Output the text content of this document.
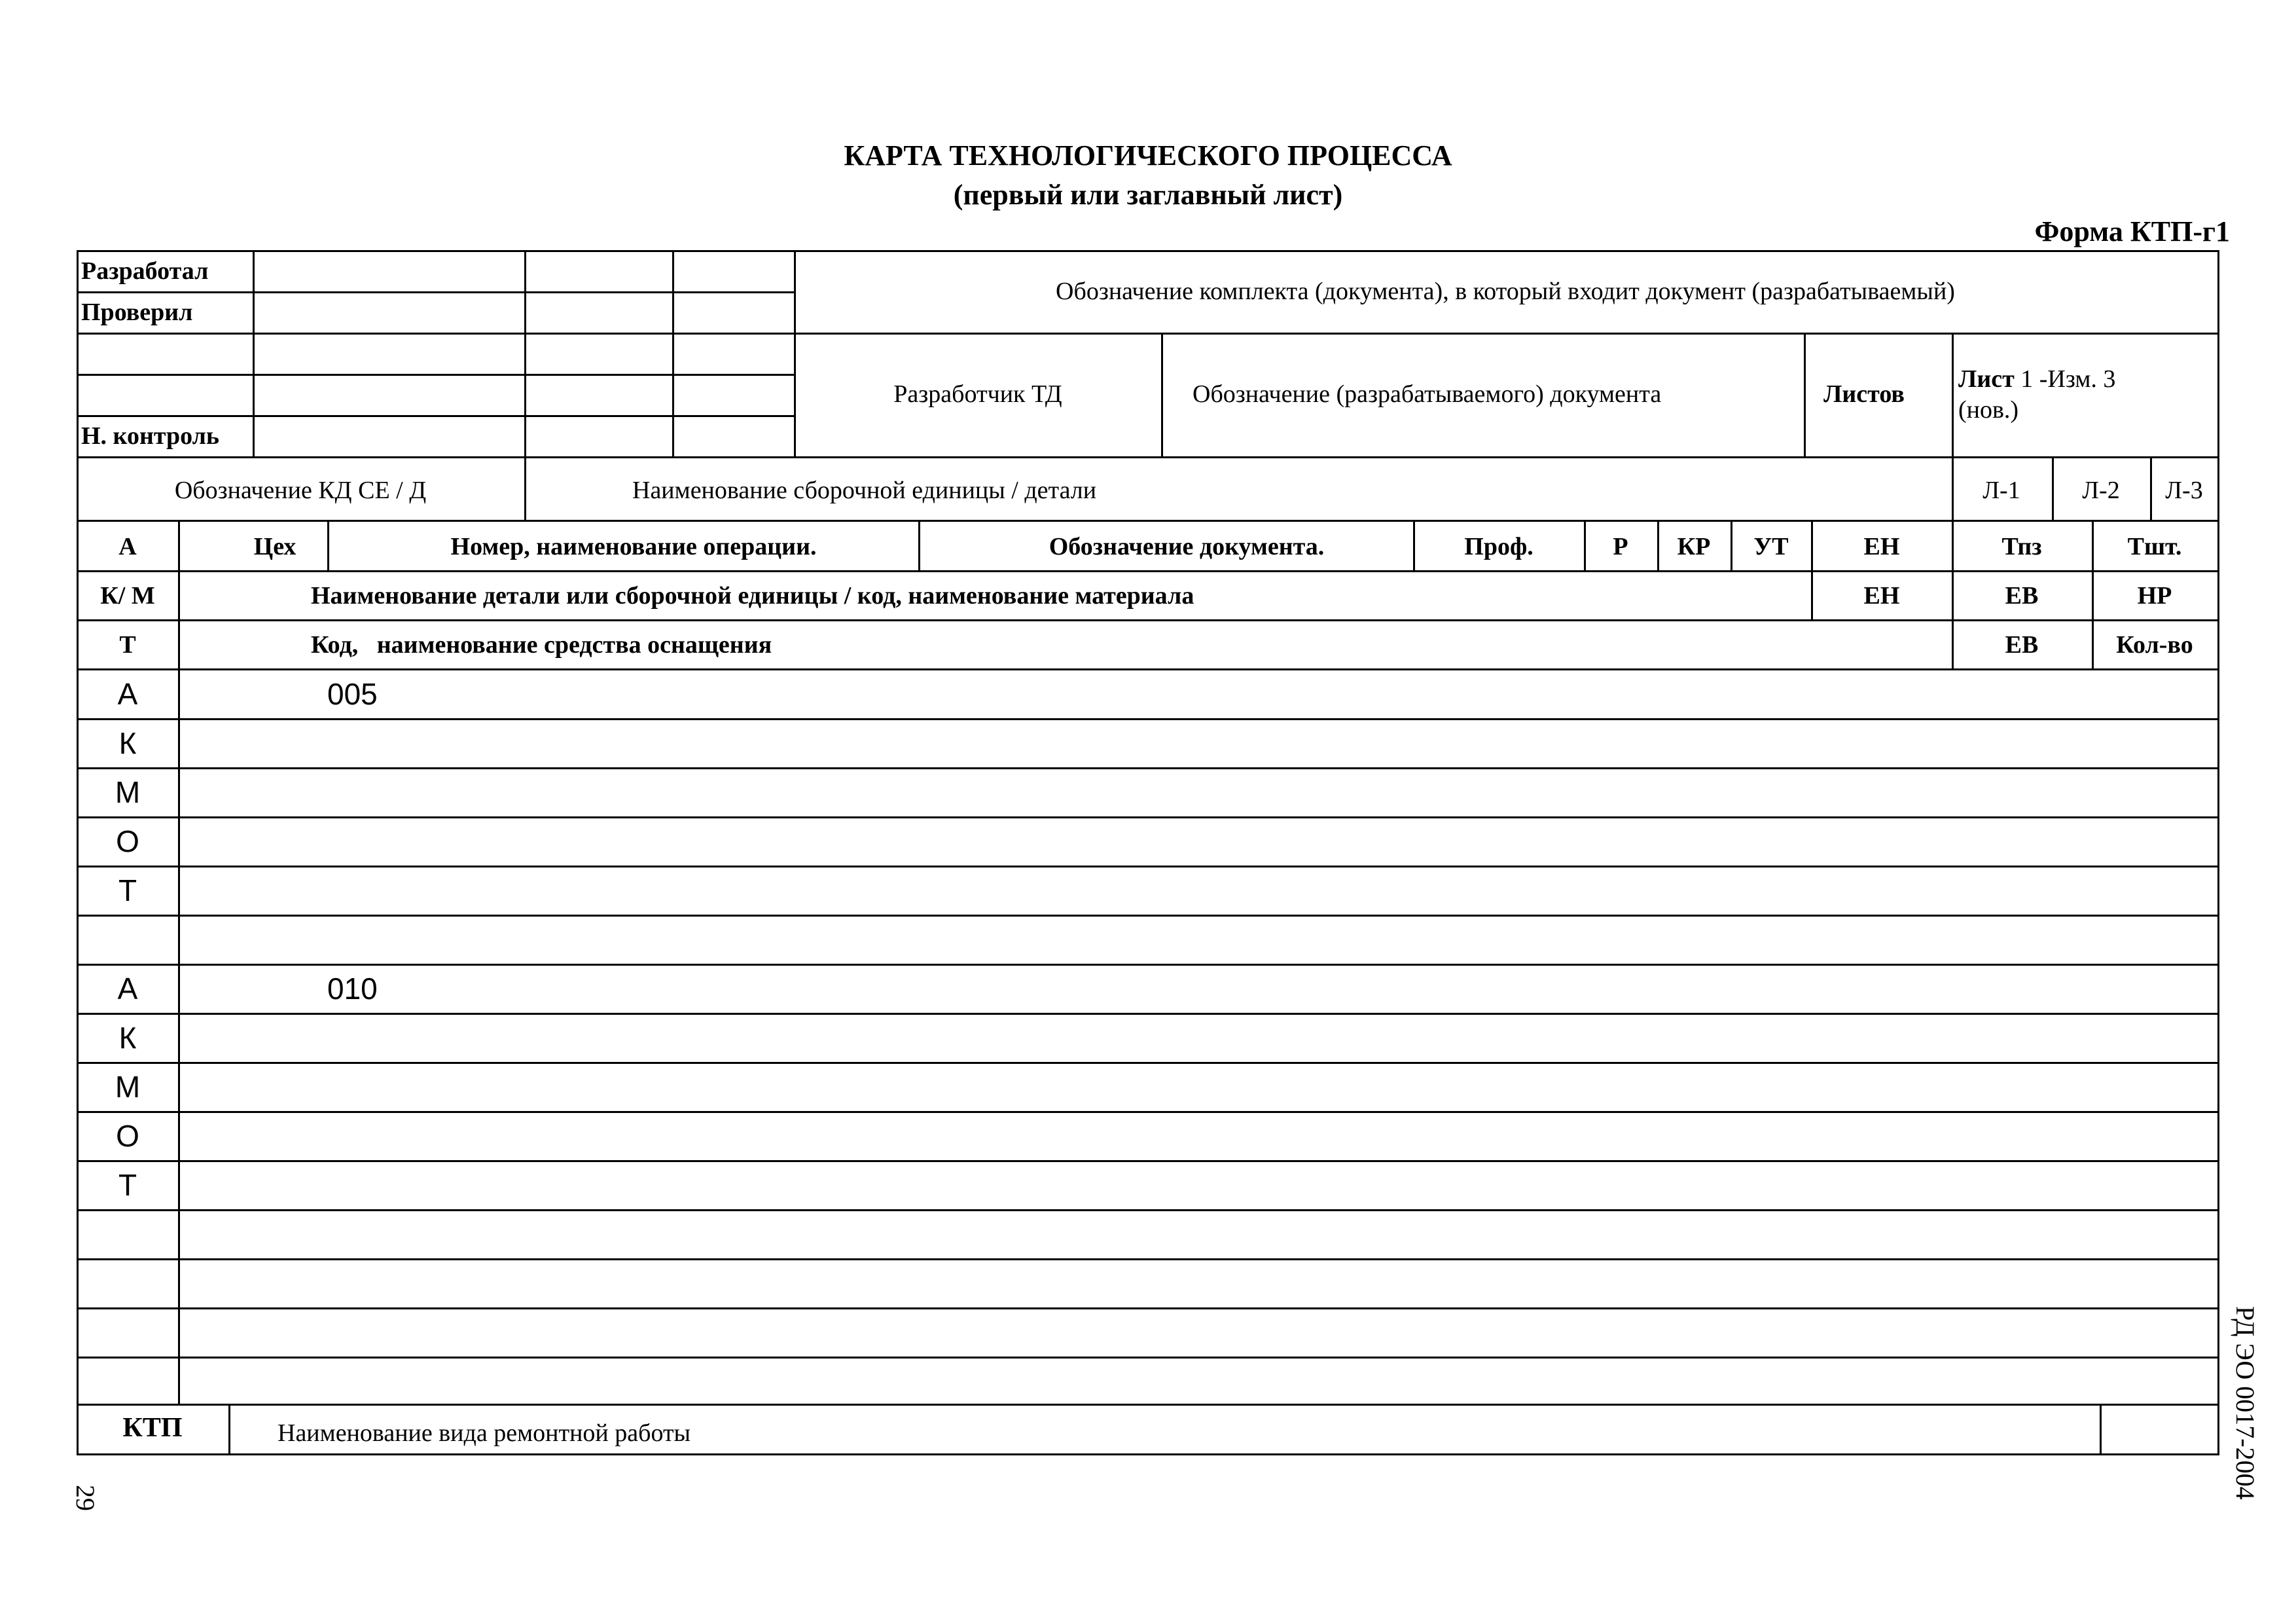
КАРТА ТЕХНОЛОГИЧЕСКОГО ПРОЦЕССА
(первый или заглавный лист)
Форма КТП-г1
Разработал
Проверил
Н. контроль
Обозначение комплекта (документа), в который входит документ (разрабатываемый)
Разработчик ТД	Обозначение (разрабатываемого) документа	Листов
Лист 1 -Изм. 3
(нов.)
Обозначение КД СЕ / Д	Наименование сборочной единицы / детали	Л-1 Л-2 Л-3
А	Цех	Номер, наименование операции.	Обозначение документа.	Проф.	Р КР УТ	ЕН	Тпз	Тшт.
К/ М	Наименование детали или сборочной единицы / код, наименование материала	ЕН	ЕВ	НР
Т	Код,   наименование средства оснащения	ЕВ	Кол-во
А	005
К
М
О
Т
А	010
К
М
О
Т
КТП	Наименование вида ремонтной работы
29	РД ЭО 0017-2004
